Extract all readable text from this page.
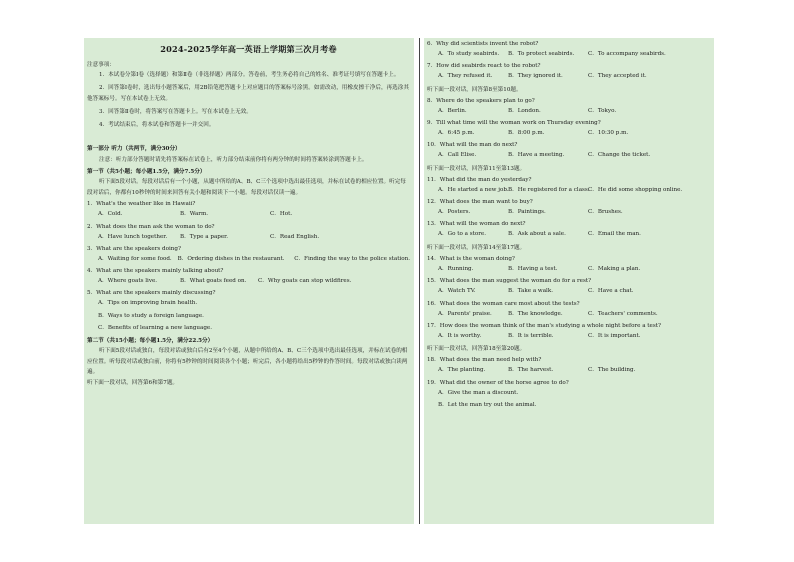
2024-2025学年高一英语上学期第三次月考卷
注意事项：
1．本试卷分第Ⅰ卷（选择题）和第Ⅱ卷（非选择题）两部分。答卷前，考生务必将自己的姓名、准考证号填写在答题卡上。
2．回答第Ⅰ卷时，选出每小题答案后，用2B铅笔把答题卡上对应题目的答案标号涂黑。如需改动，用橡皮擦干净后，再选涂其他答案标号。写在本试卷上无效。
3．回答第Ⅱ卷时，将答案写在答题卡上。写在本试卷上无效。
4．考试结束后，将本试卷和答题卡一并交回。
第一部分 听力（共两节，满分30分）
注意：听力部分答题时请先将答案标在试卷上，听力部分结束前你将有两分钟的时间将答案转涂到答题卡上。
第一节（共5小题；每小题1.5分，满分7.5分）
听下面5段对话。每段对话后有一个小题，从题中所给的A、B、C三个选项中选出最佳选项，并标在试卷的相应位置。听完每段对话后，你都有10秒钟的时间来回答有关小题和阅读下一小题。每段对话仅读一遍。
1．What's the weather like in Hawaii?
A．Cold.	B．Warm.	C．Hot.
2．What does the man ask the woman to do?
A．Have lunch together.	B．Type a paper.	C．Read English.
3．What are the speakers doing?
A．Waiting for some food.	B．Ordering dishes in the restaurant.	C．Finding the way to the police station.
4．What are the speakers mainly talking about?
A．Where goats live.	B．What goats feed on.	C．Why goats can stop wildfires.
5．What are the speakers mainly discussing?
A．Tips on improving brain health.
B．Ways to study a foreign language.
C．Benefits of learning a new language.
第二节（共15小题；每小题1.5分，满分22.5分）
听下面5段对话或独白，每段对话或独白后有2至4个小题，从题中所给的A、B、C三个选项中选出最佳选项，并标在试卷的相应位置。听每段对话或独白前，你将有5秒钟的时间阅读各个小题；听完后，各小题将给出5秒钟的作答时间。每段对话或独白读两遍。
听下面一段对话，回答第6和第7题。
6．Why did scientists invent the robot?
A．To study seabirds.	B．To protect seabirds.	C．To accompany seabirds.
7．How did seabirds react to the robot?
A．They refused it.	B．They ignored it.	C．They accepted it.
听下面一段对话，回答第8至第10题。
8．Where do the speakers plan to go?
A．Berlin.	B．London.	C．Tokyo.
9．Till what time will the woman work on Thursday evening?
A．6:45 p.m.	B．8:00 p.m.	C．10:30 p.m.
10．What will the man do next?
A．Call Elise.	B．Have a meeting.	C．Change the ticket.
听下面一段对话，回答第11至第13题。
11．What did the man do yesterday?
A．He started a new job. B．He registered for a class.
C．He did some shopping online.
12．What does the man want to buy?
A．Posters.	B．Paintings.	C．Brushes.
13．What will the woman do next?
A．Go to a store.	B．Ask about a sale.	C．Email the man.
听下面一段对话，回答第14至第17题。
14．What is the woman doing?
A．Running.	B．Having a test.	C．Making a plan.
15．What does the man suggest the woman do for a rest?
A．Watch TV.	B．Take a walk.	C．Have a chat.
16．What does the woman care most about the tests?
A．Parents' praise.	B．The knowledge.	C．Teachers' comments.
17．How does the woman think of the man's studying a whole night before a test?
A．It is worthy.	B．It is terrible.	C．It is important.
听下面一段对话，回答第18至第20题。
18．What does the man need help with?
A．The planting.	B．The harvest.	C．The building.
19．What did the owner of the horse agree to do?
A．Give the man a discount.
B．Let the man try out the animal.
